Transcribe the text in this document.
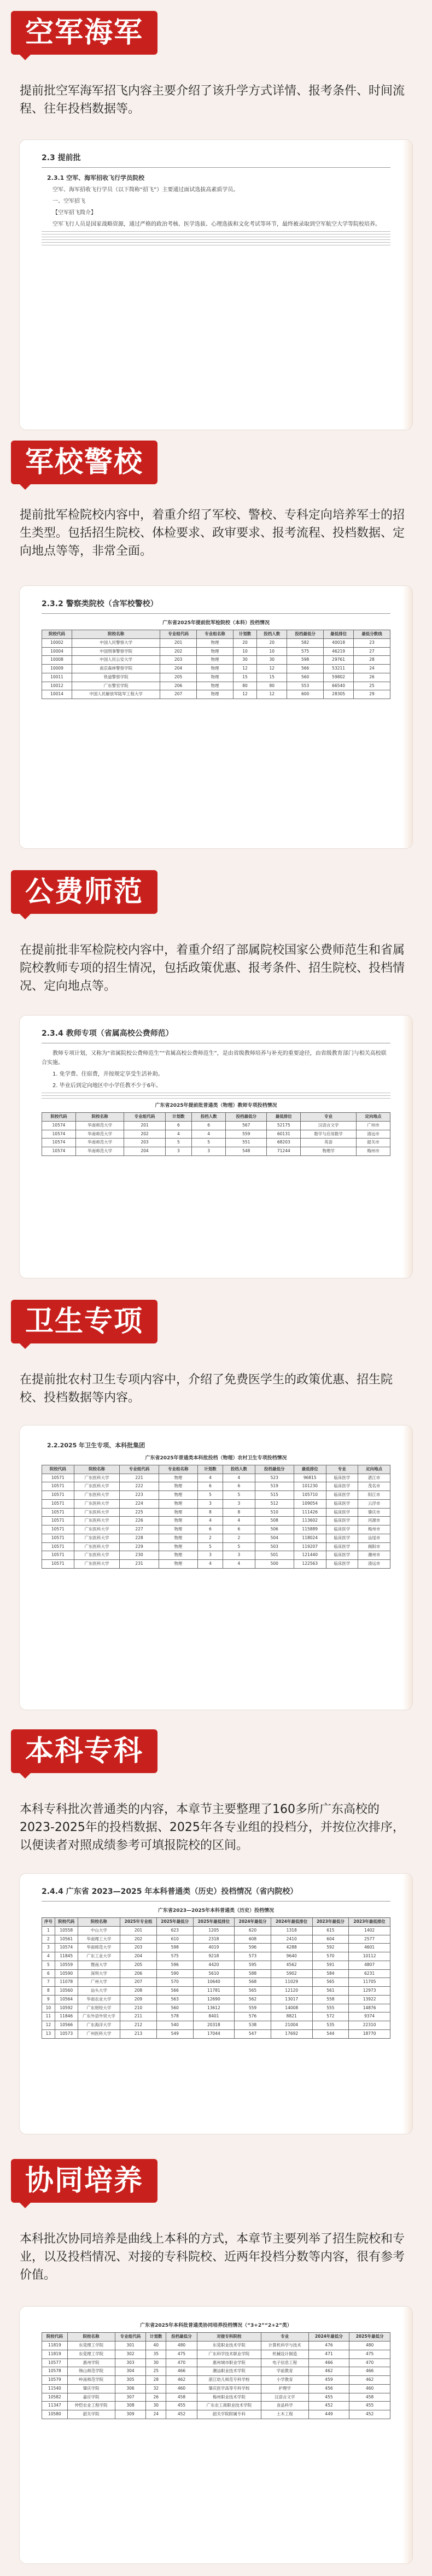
空军海军
提前批空军海军招飞内容主要介绍了该升学方式详情、报考条件、时间流程、往年投档数据等。
2.3 提前批
2.3.1 空军、海军招收飞行学员院校
空军、海军招收飞行学员（以下简称“招飞”）主要通过面试选拔高素质学员。
一、空军招飞
【空军招飞简介】
空军飞行人员是国家战略资源，通过严格的政治考核、医学选拔、心理选拔和文化考试等环节，最终被录取到空军航空大学等院校培养。
军校警校
提前批军检院校内容中，着重介绍了军校、警校、专科定向培养军士的招生类型。包括招生院校、体检要求、政审要求、报考流程、投档数据、定向地点等等，非常全面。
2.3.2 警察类院校（含军校警校）
广东省2025年提前批军检院校（本科）投档情况
院校代码	院校名称	专业组代码	专业组名称	计划数	投档人数	投档最低分	最低排位	最低分数线
10002	中国人民警察大学	201	物理	20	20	582	40018	23
10004	中国刑事警察学院	202	物理	10	10	575	46219	27
10008	中国人民公安大学	203	物理	30	30	598	29761	28
10009	南京森林警察学院	204	物理	12	12	566	53211	24
10011	铁道警察学院	205	物理	15	15	560	59802	26
10012	广东警官学院	206	物理	80	80	553	66540	25
10014	中国人民解放军陆军工程大学	207	物理	12	12	600	28305	29
公费师范
在提前批非军检院校内容中，着重介绍了部属院校国家公费师范生和省属院校教师专项的招生情况，包括政策优惠、报考条件、招生院校、投档情况、定向地点等。
2.3.4 教师专项（省属高校公费师范）
教师专项计划，又称为“省属院校公费师范生”“省属高校公费师范生”，是由省级教师培养与补充的重要途径，由省级教育部门与相关高校联合实施。
1. 免学费、住宿费，并按规定享受生活补助。
2. 毕业后到定向地区中小学任教不少于6年。
广东省2025年提前批普通类（物理）教师专项投档情况
院校代码	院校名称	专业组代码	计划数	投档人数	投档最低分	最低排位	专业	定向地点
10574	华南师范大学	201	6	6	567	52175	汉语言文学	广州市
10574	华南师范大学	202	4	4	559	60131	数学与应用数学	清远市
10574	华南师范大学	203	5	5	551	68203	英语	韶关市
10574	华南师范大学	204	3	3	548	71244	物理学	梅州市
卫生专项
在提前批农村卫生专项内容中，介绍了免费医学生的政策优惠、招生院校、投档数据等内容。
2.2.2025 年卫生专项、本科批集团
广东省2025年普通类本科批投档（物理）农村卫生专项投档情况
院校代码	院校名称	专业组代码	专业组名称	计划数	投档人数	投档最低分	最低排位	专业	定向地点
10571	广东医科大学	221	物理	4	4	523	96815	临床医学	湛江市
10571	广东医科大学	222	物理	6	6	519	101230	临床医学	茂名市
10571	广东医科大学	223	物理	5	5	515	105710	临床医学	阳江市
10571	广东医科大学	224	物理	3	3	512	109054	临床医学	云浮市
10571	广东医科大学	225	物理	8	8	510	111426	临床医学	肇庆市
10571	广东医科大学	226	物理	4	4	508	113602	临床医学	河源市
10571	广东医科大学	227	物理	6	6	506	115889	临床医学	梅州市
10571	广东医科大学	228	物理	2	2	504	118024	临床医学	汕尾市
10571	广东医科大学	229	物理	5	5	503	119207	临床医学	揭阳市
10571	广东医科大学	230	物理	3	3	501	121440	临床医学	潮州市
10571	广东医科大学	231	物理	4	4	500	122563	临床医学	清远市
本科专科
本科专科批次普通类的内容，本章节主要整理了160多所广东高校的2023-2025年的投档数据、2025年各专业组的投档分，并按位次排序，以便读者对照成绩参考可填报院校的区间。
2.4.4 广东省 2023—2025 年本科普通类（历史）投档情况（省内院校）
广东省2023—2025年本科普通类（历史）投档情况
序号	院校代码	院校名称	2025年专业组	2025年最低分	2025年最低排位	2024年最低分	2024年最低排位	2023年最低分	2023年最低排位
1	10558	中山大学	201	623	1205	620	1318	615	1402
2	10561	华南理工大学	202	610	2318	608	2410	604	2577
3	10574	华南师范大学	203	598	4019	596	4288	592	4601
4	11845	广东工业大学	204	575	9218	573	9640	570	10112
5	10559	暨南大学	205	596	4420	595	4562	591	4807
6	10590	深圳大学	206	590	5610	588	5902	584	6231
7	11078	广州大学	207	570	10640	568	11029	565	11705
8	10560	汕头大学	208	566	11781	565	12120	561	12973
9	10564	华南农业大学	209	563	12690	562	13017	558	13922
10	10592	广东财经大学	210	560	13612	559	14008	555	14876
11	11846	广东外语外贸大学	211	578	8401	576	8821	572	9374
12	10566	广东海洋大学	212	540	20318	538	21004	535	22310
13	10573	广州医科大学	213	549	17044	547	17692	544	18770
协同培养
本科批次协同培养是曲线上本科的方式，本章节主要列举了招生院校和专业，以及投档情况、对接的专科院校、近两年投档分数等内容，很有参考价值。
广东省2025年本科批普通类协同培养投档情况（“3+2”“2+2”类）
院校代码	院校名称	专业组代码	计划数	投档最低分	对接专科院校	专业	2024年最低分	2025年最低分
11819	东莞理工学院	301	40	480	东莞职业技术学院	计算机科学与技术	476	480
11819	东莞理工学院	302	35	475	广东科学技术职业学院	机械设计制造	471	475
10577	惠州学院	303	30	470	惠州城市职业学院	电子信息工程	466	470
10578	韩山师范学院	304	25	466	潮汕职业技术学院	学前教育	462	466
10579	岭南师范学院	305	28	462	湛江幼儿师范专科学校	小学教育	459	462
11540	肇庆学院	306	32	460	肇庆医学高等专科学校	护理学	456	460
10582	嘉应学院	307	26	458	梅州职业技术学院	汉语言文学	455	458
11347	仲恺农业工程学院	308	30	455	广东农工商职业技术学院	食品科学	452	455
10580	韶关学院	309	24	452	韶关学院附属专科	土木工程	449	452
